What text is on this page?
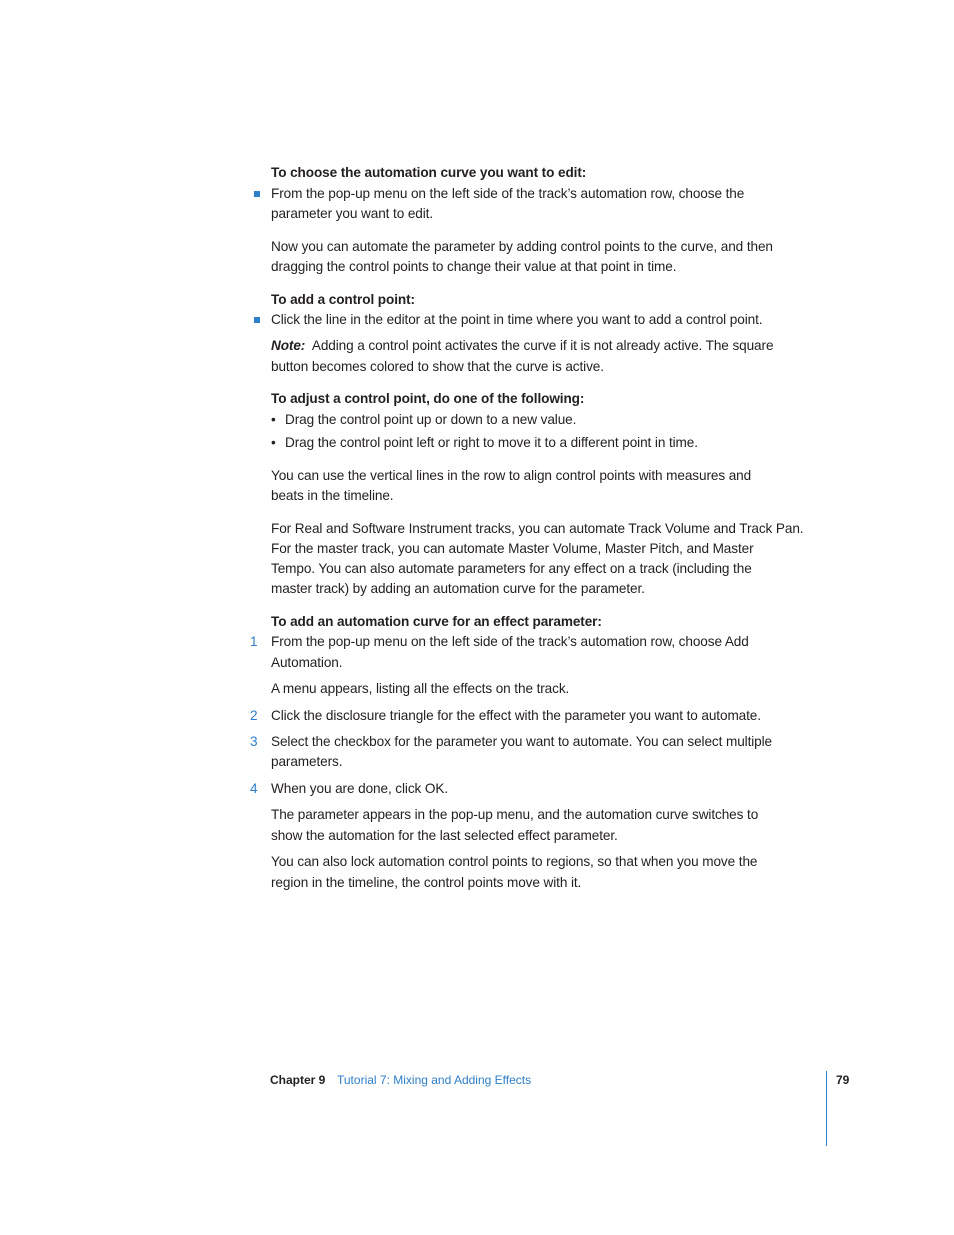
To choose the automation curve you want to edit:

From the pop-up menu on the left side of the track’s automation row, choose the

parameter you want to edit.

Now you can automate the parameter by adding control points to the curve, and then

dragging the control points to change their value at that point in time.

To add a control point:

Click the line in the editor at the point in time where you want to add a control point.

Note: Adding a control point activates the curve if it is not already active. The square

button becomes colored to show that the curve is active.

To adjust a control point, do one of the following:

• Drag the control point up or down to a new value.

• Drag the control point left or right to move it to a different point in time.

You can use the vertical lines in the row to align control points with measures and

beats in the timeline.

For Real and Software Instrument tracks, you can automate Track Volume and Track Pan.

For the master track, you can automate Master Volume, Master Pitch, and Master

Tempo. You can also automate parameters for any effect on a track (including the

master track) by adding an automation curve for the parameter.

To add an automation curve for an effect parameter:

1 From the pop-up menu on the left side of the track’s automation row, choose Add

Automation.

A menu appears, listing all the effects on the track.

2 Click the disclosure triangle for the effect with the parameter you want to automate.

3 Select the checkbox for the parameter you want to automate. You can select multiple

parameters.

4 When you are done, click OK.

The parameter appears in the pop-up menu, and the automation curve switches to

show the automation for the last selected effect parameter.

You can also lock automation control points to regions, so that when you move the

region in the timeline, the control points move with it.

Chapter 9 Tutorial 7: Mixing and Adding Effects	79
